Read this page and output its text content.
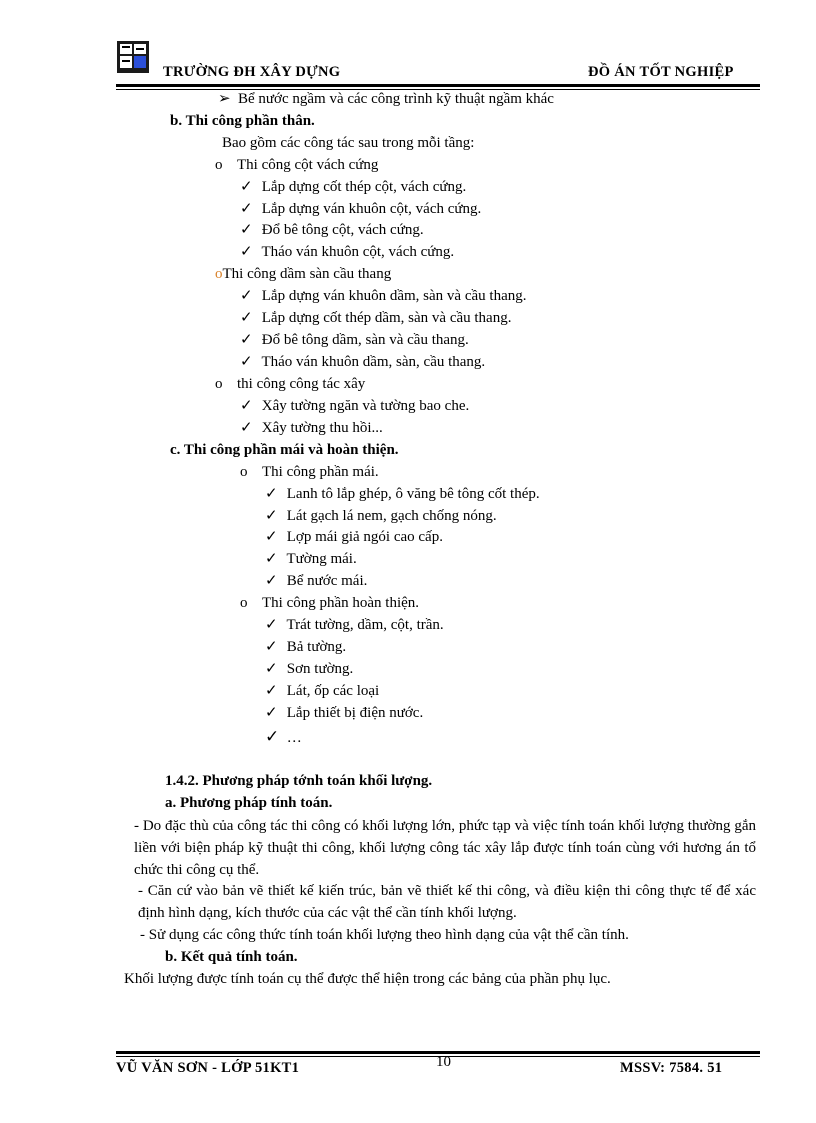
TRƯỜNG ĐH XÂY DỰNG	ĐỒ ÁN TỐT NGHIỆP
➢ Bể nước ngầm và các công trình kỹ thuật ngầm khác
b. Thi công phần thân.
Bao gồm các công tác sau trong mỗi tầng:
o Thi công cột vách cứng
✓ Lắp dựng cốt thép cột, vách cứng.
✓ Lắp dựng ván khuôn cột, vách cứng.
✓ Đổ bê tông cột, vách cứng.
✓ Tháo ván khuôn cột, vách cứng.
oThi công dầm sàn cầu thang
✓ Lắp dựng ván khuôn dầm, sàn và cầu thang.
✓ Lắp dựng cốt thép dầm, sàn và cầu thang.
✓ Đổ bê tông dầm, sàn và cầu thang.
✓ Tháo ván khuôn dầm, sàn, cầu thang.
o thi công công tác xây
✓ Xây tường ngăn và tường bao che.
✓ Xây tường thu hồi...
c. Thi công phần mái và hoàn thiện.
o Thi công phần mái.
✓ Lanh tô lắp ghép, ô văng bê tông cốt thép.
✓ Lát gạch lá nem, gạch chống nóng.
✓ Lợp mái giả ngói cao cấp.
✓ Tường mái.
✓ Bể nước mái.
o Thi công phần hoàn thiện.
✓ Trát tường, dầm, cột, trần.
✓ Bả tường.
✓ Sơn tường.
✓ Lát, ốp các loại
✓ Lắp thiết bị điện nước.
✓ …
1.4.2. Phương pháp tớnh toán khối lượng.
a. Phương pháp tính toán.
- Do đặc thù của công tác thi công có khối lượng lớn, phức tạp và việc tính toán khối lượng thường gắn liền với biện pháp kỹ thuật thi công, khối lượng công tác xây lắp được tính toán cùng với hương án tổ chức thi công cụ thể.
- Căn cứ vào bản vẽ thiết kế kiến trúc, bản vẽ thiết kế thi công, và điều kiện thi công thực tế để xác định hình dạng, kích thước của các vật thể cần tính khối lượng.
- Sử dụng các công thức tính toán khối lượng theo hình dạng của vật thể cần tính.
b. Kết quả tính toán.
Khối lượng được tính toán cụ thể được thể hiện trong các bảng của phần phụ lục.
VŨ VĂN SƠN - LỚP 51KT1	10	MSSV: 7584. 51
